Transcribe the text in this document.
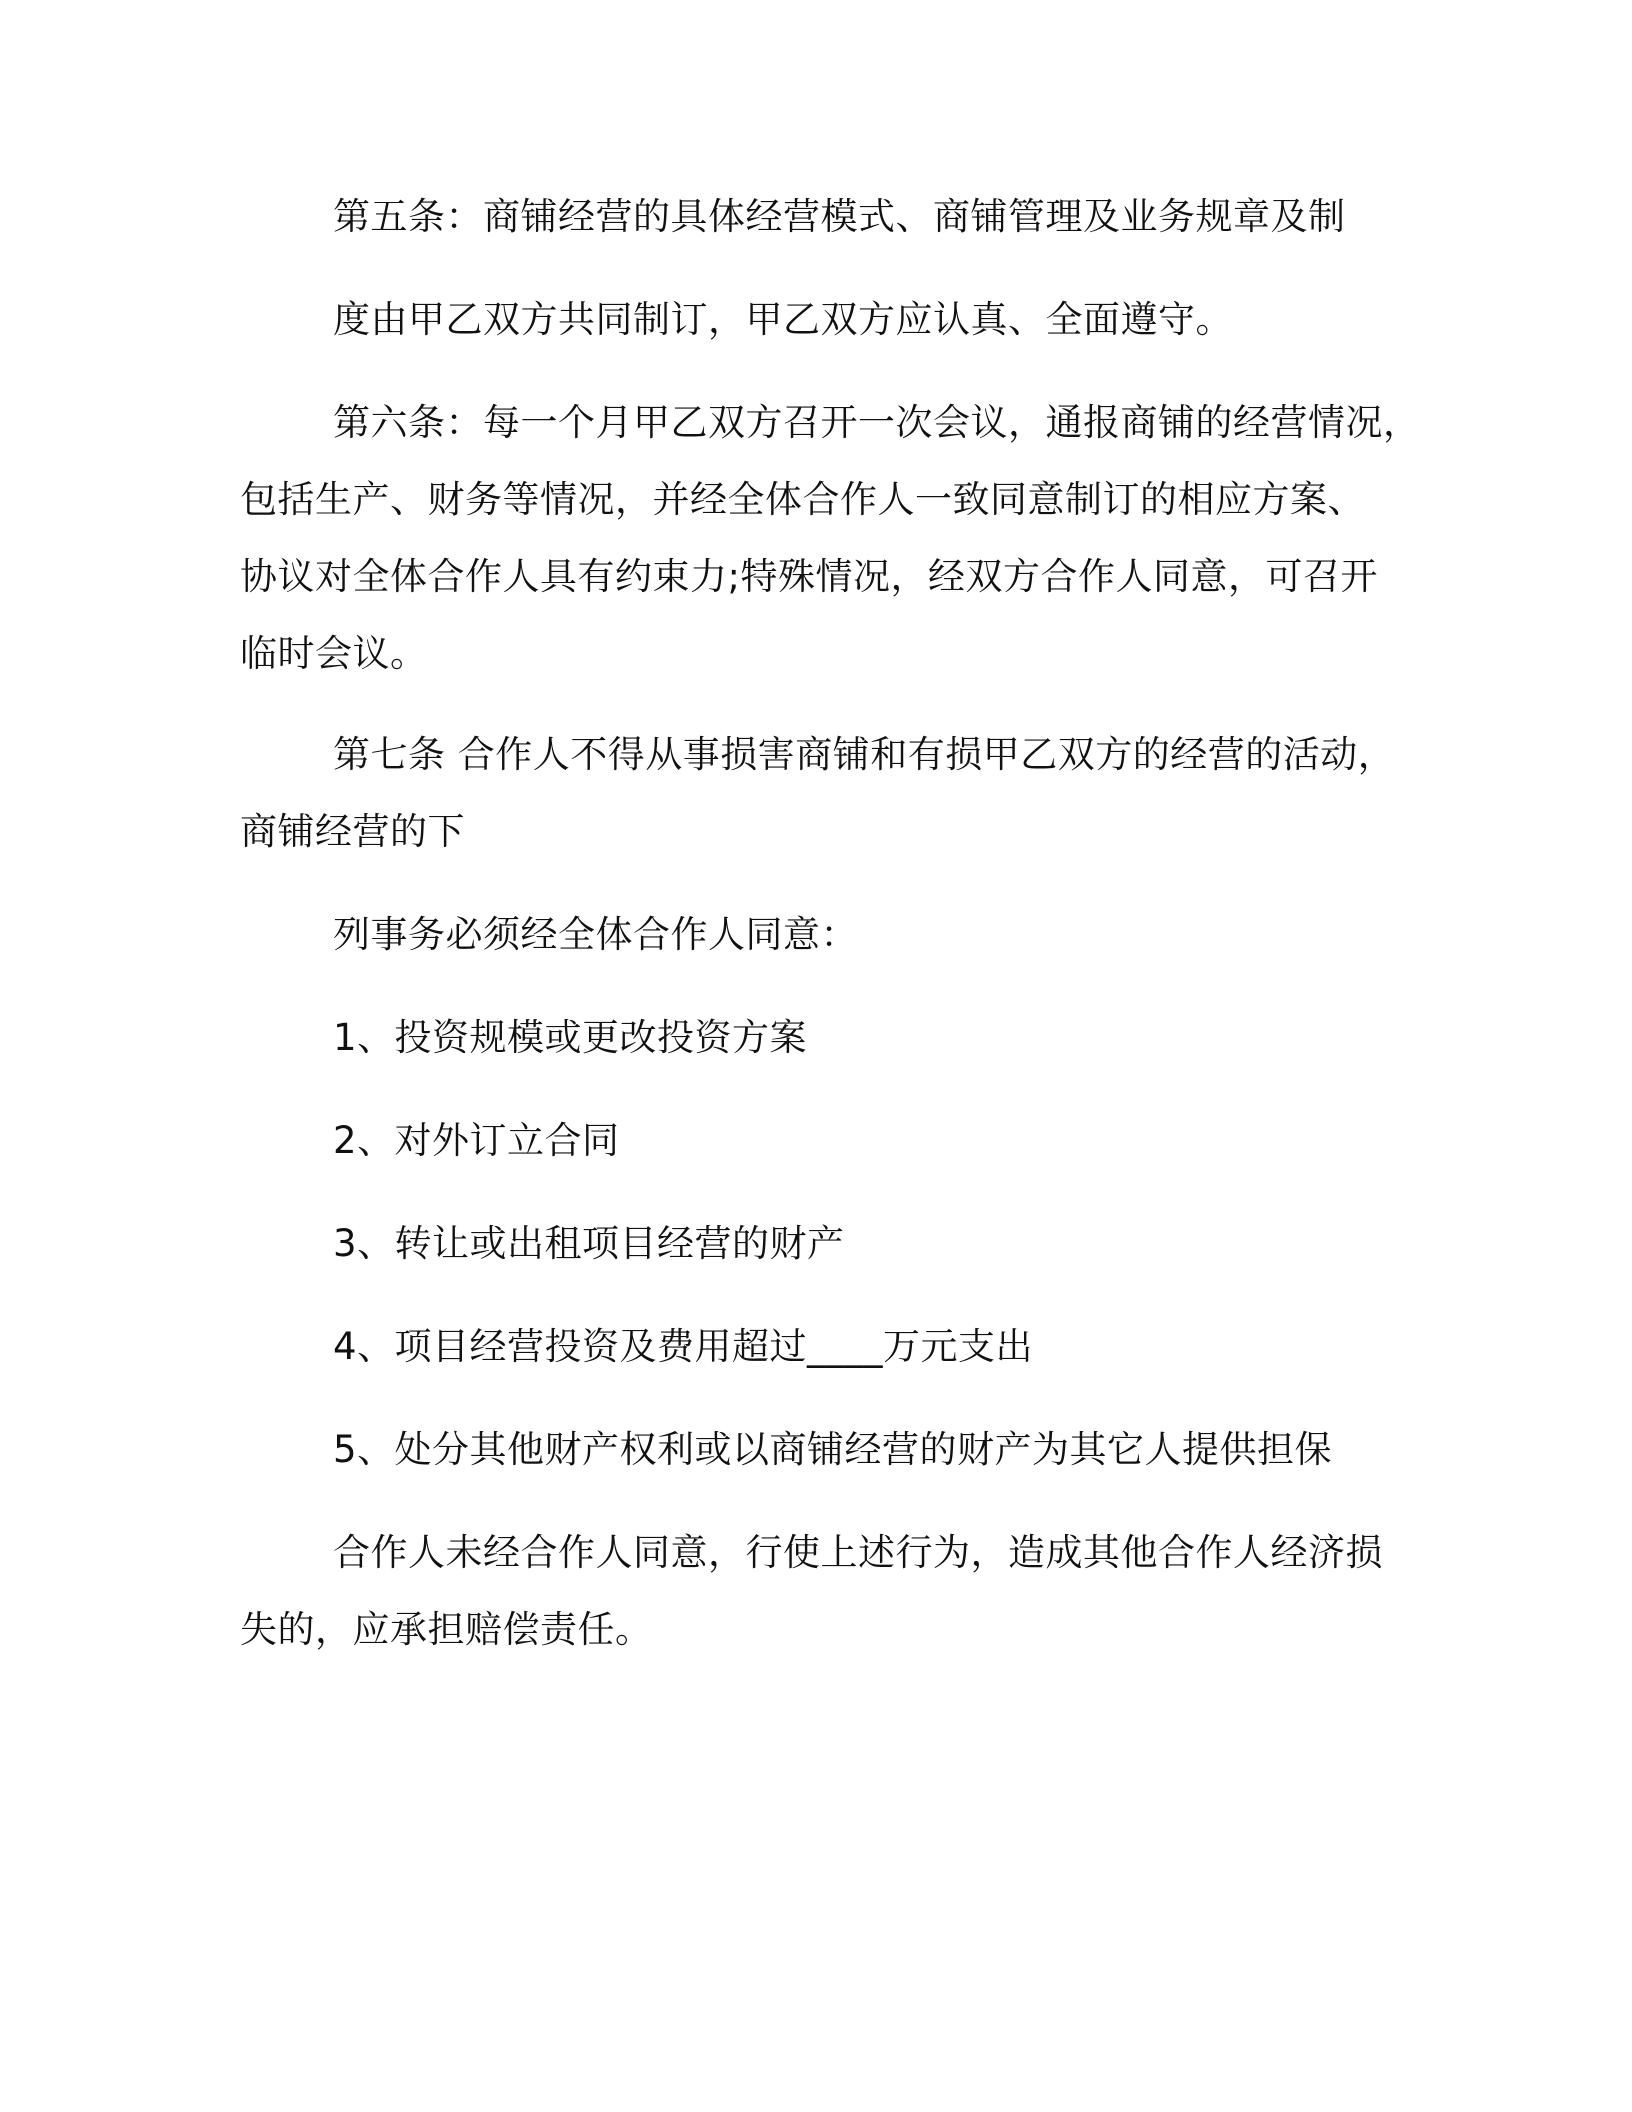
第五条：商铺经营的具体经营模式、商铺管理及业务规章及制
度由甲乙双方共同制订，甲乙双方应认真、全面遵守。
第六条：每一个月甲乙双方召开一次会议，通报商铺的经营情况，
包括生产、财务等情况，并经全体合作人一致同意制订的相应方案、
协议对全体合作人具有约束力;特殊情况，经双方合作人同意，可召开
临时会议。
第七条 合作人不得从事损害商铺和有损甲乙双方的经营的活动，
商铺经营的下
列事务必须经全体合作人同意：
1、投资规模或更改投资方案
2、对外订立合同
3、转让或出租项目经营的财产
4、项目经营投资及费用超过____万元支出
5、处分其他财产权利或以商铺经营的财产为其它人提供担保
合作人未经合作人同意，行使上述行为，造成其他合作人经济损
失的，应承担赔偿责任。
